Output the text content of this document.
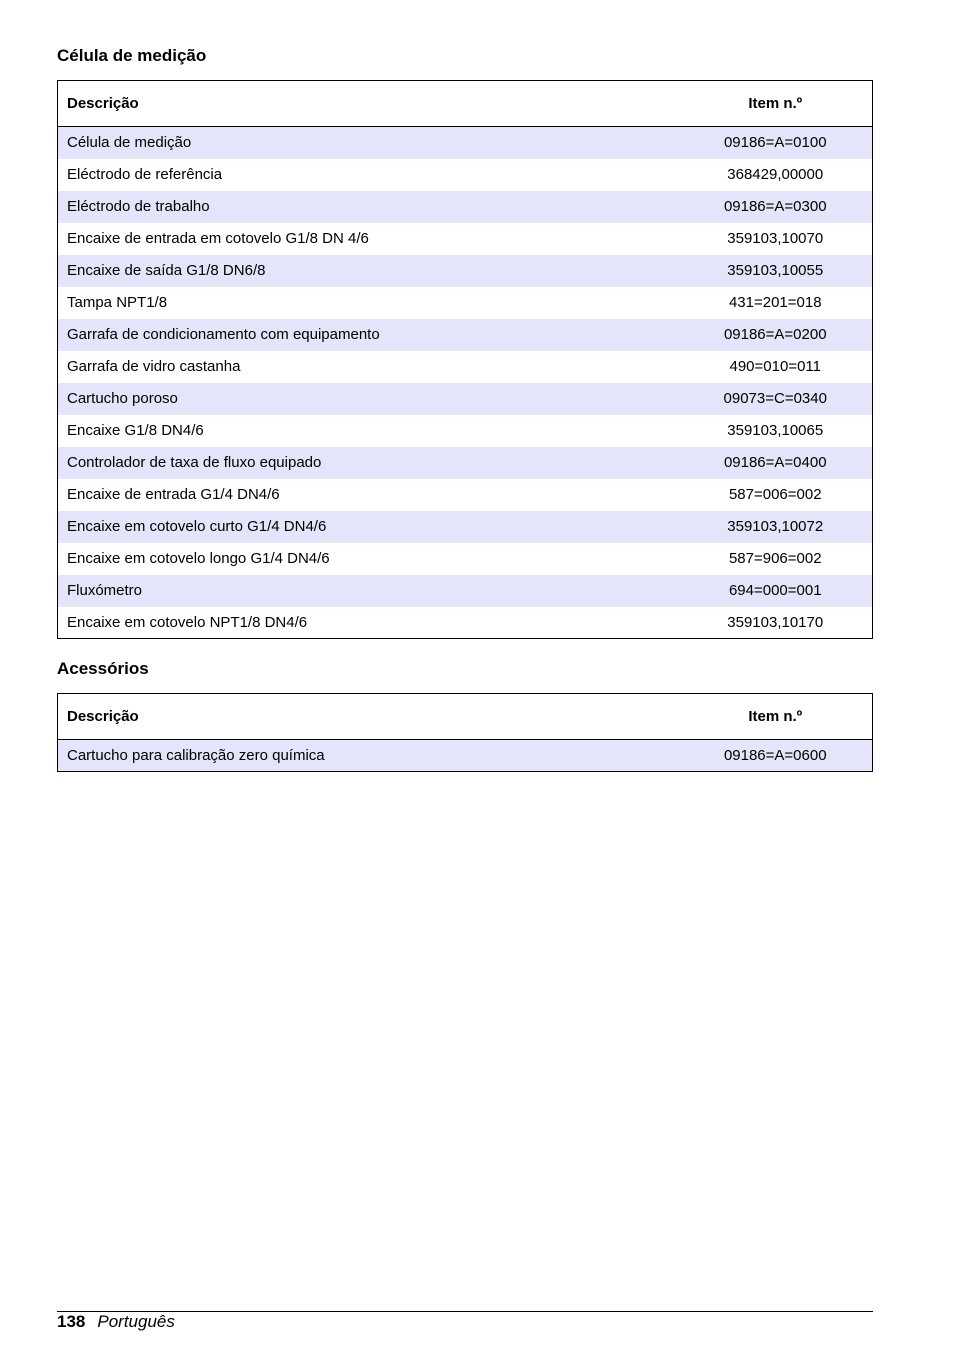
Célula de medição
Descrição	Item n.º
Célula de medição	09186=A=0100
Eléctrodo de referência	368429,00000
Eléctrodo de trabalho	09186=A=0300
Encaixe de entrada em cotovelo G1/8 DN 4/6	359103,10070
Encaixe de saída G1/8 DN6/8	359103,10055
Tampa NPT1/8	431=201=018
Garrafa de condicionamento com equipamento	09186=A=0200
Garrafa de vidro castanha	490=010=011
Cartucho poroso	09073=C=0340
Encaixe G1/8 DN4/6	359103,10065
Controlador de taxa de fluxo equipado	09186=A=0400
Encaixe de entrada G1/4 DN4/6	587=006=002
Encaixe em cotovelo curto G1/4 DN4/6	359103,10072
Encaixe em cotovelo longo G1/4 DN4/6	587=906=002
Fluxómetro	694=000=001
Encaixe em cotovelo NPT1/8 DN4/6	359103,10170
Acessórios
Descrição	Item n.º
Cartucho para calibração zero química	09186=A=0600
138 Português
